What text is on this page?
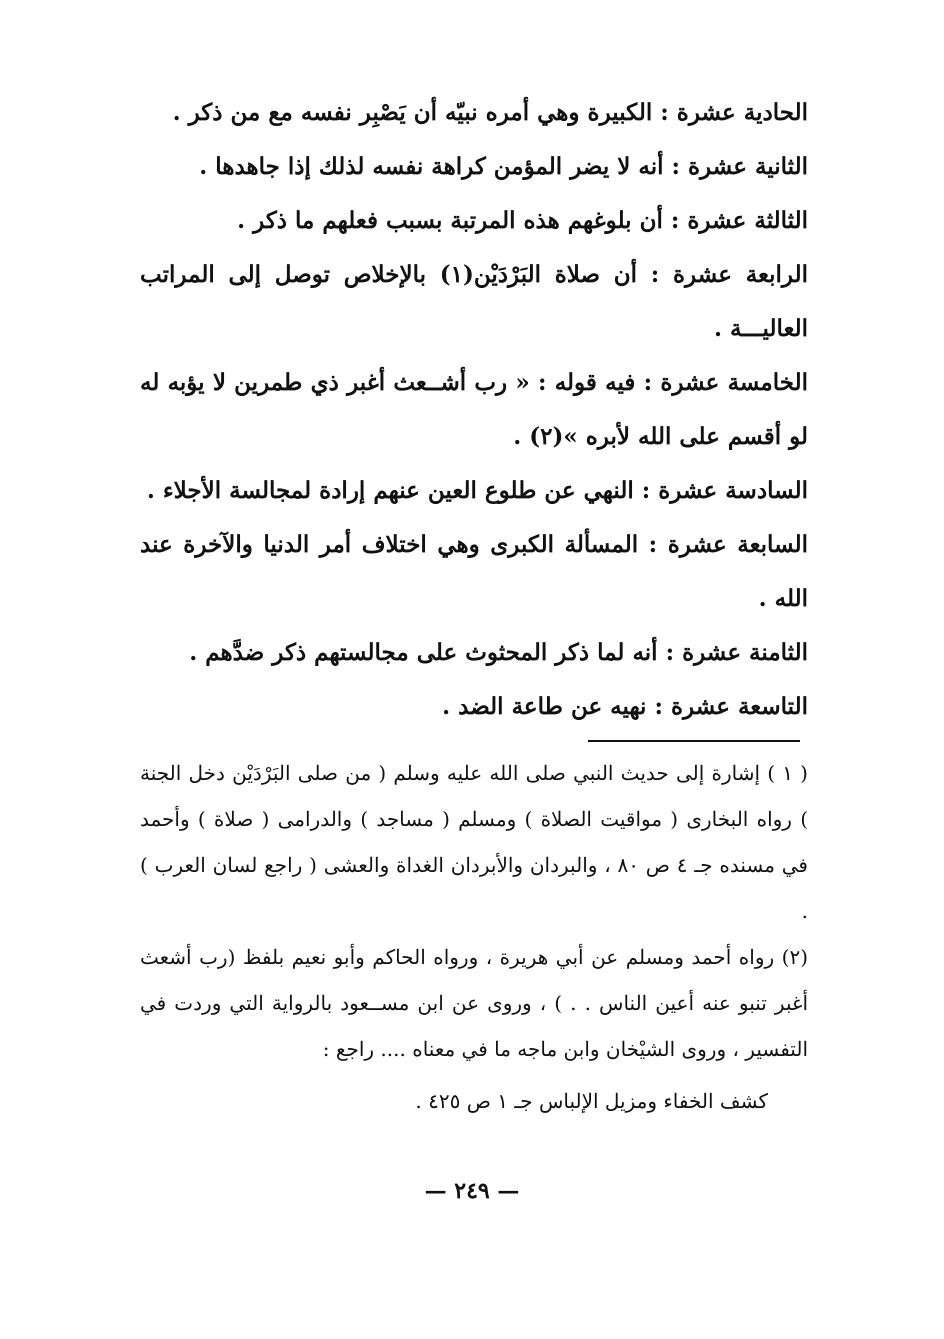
الحادية عشرة : الكبيرة وهي أمره نبيّه أن يَصْبِر نفسه مع من ذكر .

الثانية عشرة : أنه لا يضر المؤمن كراهة نفسه لذلك إذا جاهدها .

الثالثة عشرة : أن بلوغهم هذه المرتبة بسبب فعلهم ما ذكر .

الرابعة عشرة : أن صلاة البَرْدَيْن(١) بالإخلاص توصل إلى المراتب العاليـــة .

الخامسة عشرة : فيه قوله : « رب أشــعث أغبر ذي طمرين لا يؤبه له لو أقسم على الله لأبره »(٢) .

السادسة عشرة : النهي عن طلوع العين عنهم إرادة لمجالسة الأجلاء .

السابعة عشرة : المسألة الكبرى وهي اختلاف أمر الدنيا والآخرة عند الله .

الثامنة عشرة : أنه لما ذكر المحثوث على مجالستهم ذكر ضدَّهم .

التاسعة عشرة : نهيه عن طاعة الضد .

( ١ ) إشارة إلى حديث النبي صلى الله عليه وسلم ( من صلى البَرْدَيْن دخل الجنة ) رواه البخارى ( مواقيت الصلاة ) ومسلم ( مساجد ) والدرامى ( صلاة ) وأحمد في مسنده جـ ٤ ص ٨٠ ، والبردان والأبردان الغداة والعشى ( راجع لسان العرب ) .

(٢) رواه أحمد ومسلم عن أبي هريرة ، ورواه الحاكم وأبو نعيم بلفظ (رب أشعث أغبر تنبو عنه أعين الناس . . ) ، وروى عن ابن مســعود بالرواية التي وردت في التفسير ، وروى الشيْخان وابن ماجه ما في معناه .... راجع :

كشف الخفاء ومزيل الإلباس جـ ١ ص ٤٢٥ .

— ٢٤٩ —
